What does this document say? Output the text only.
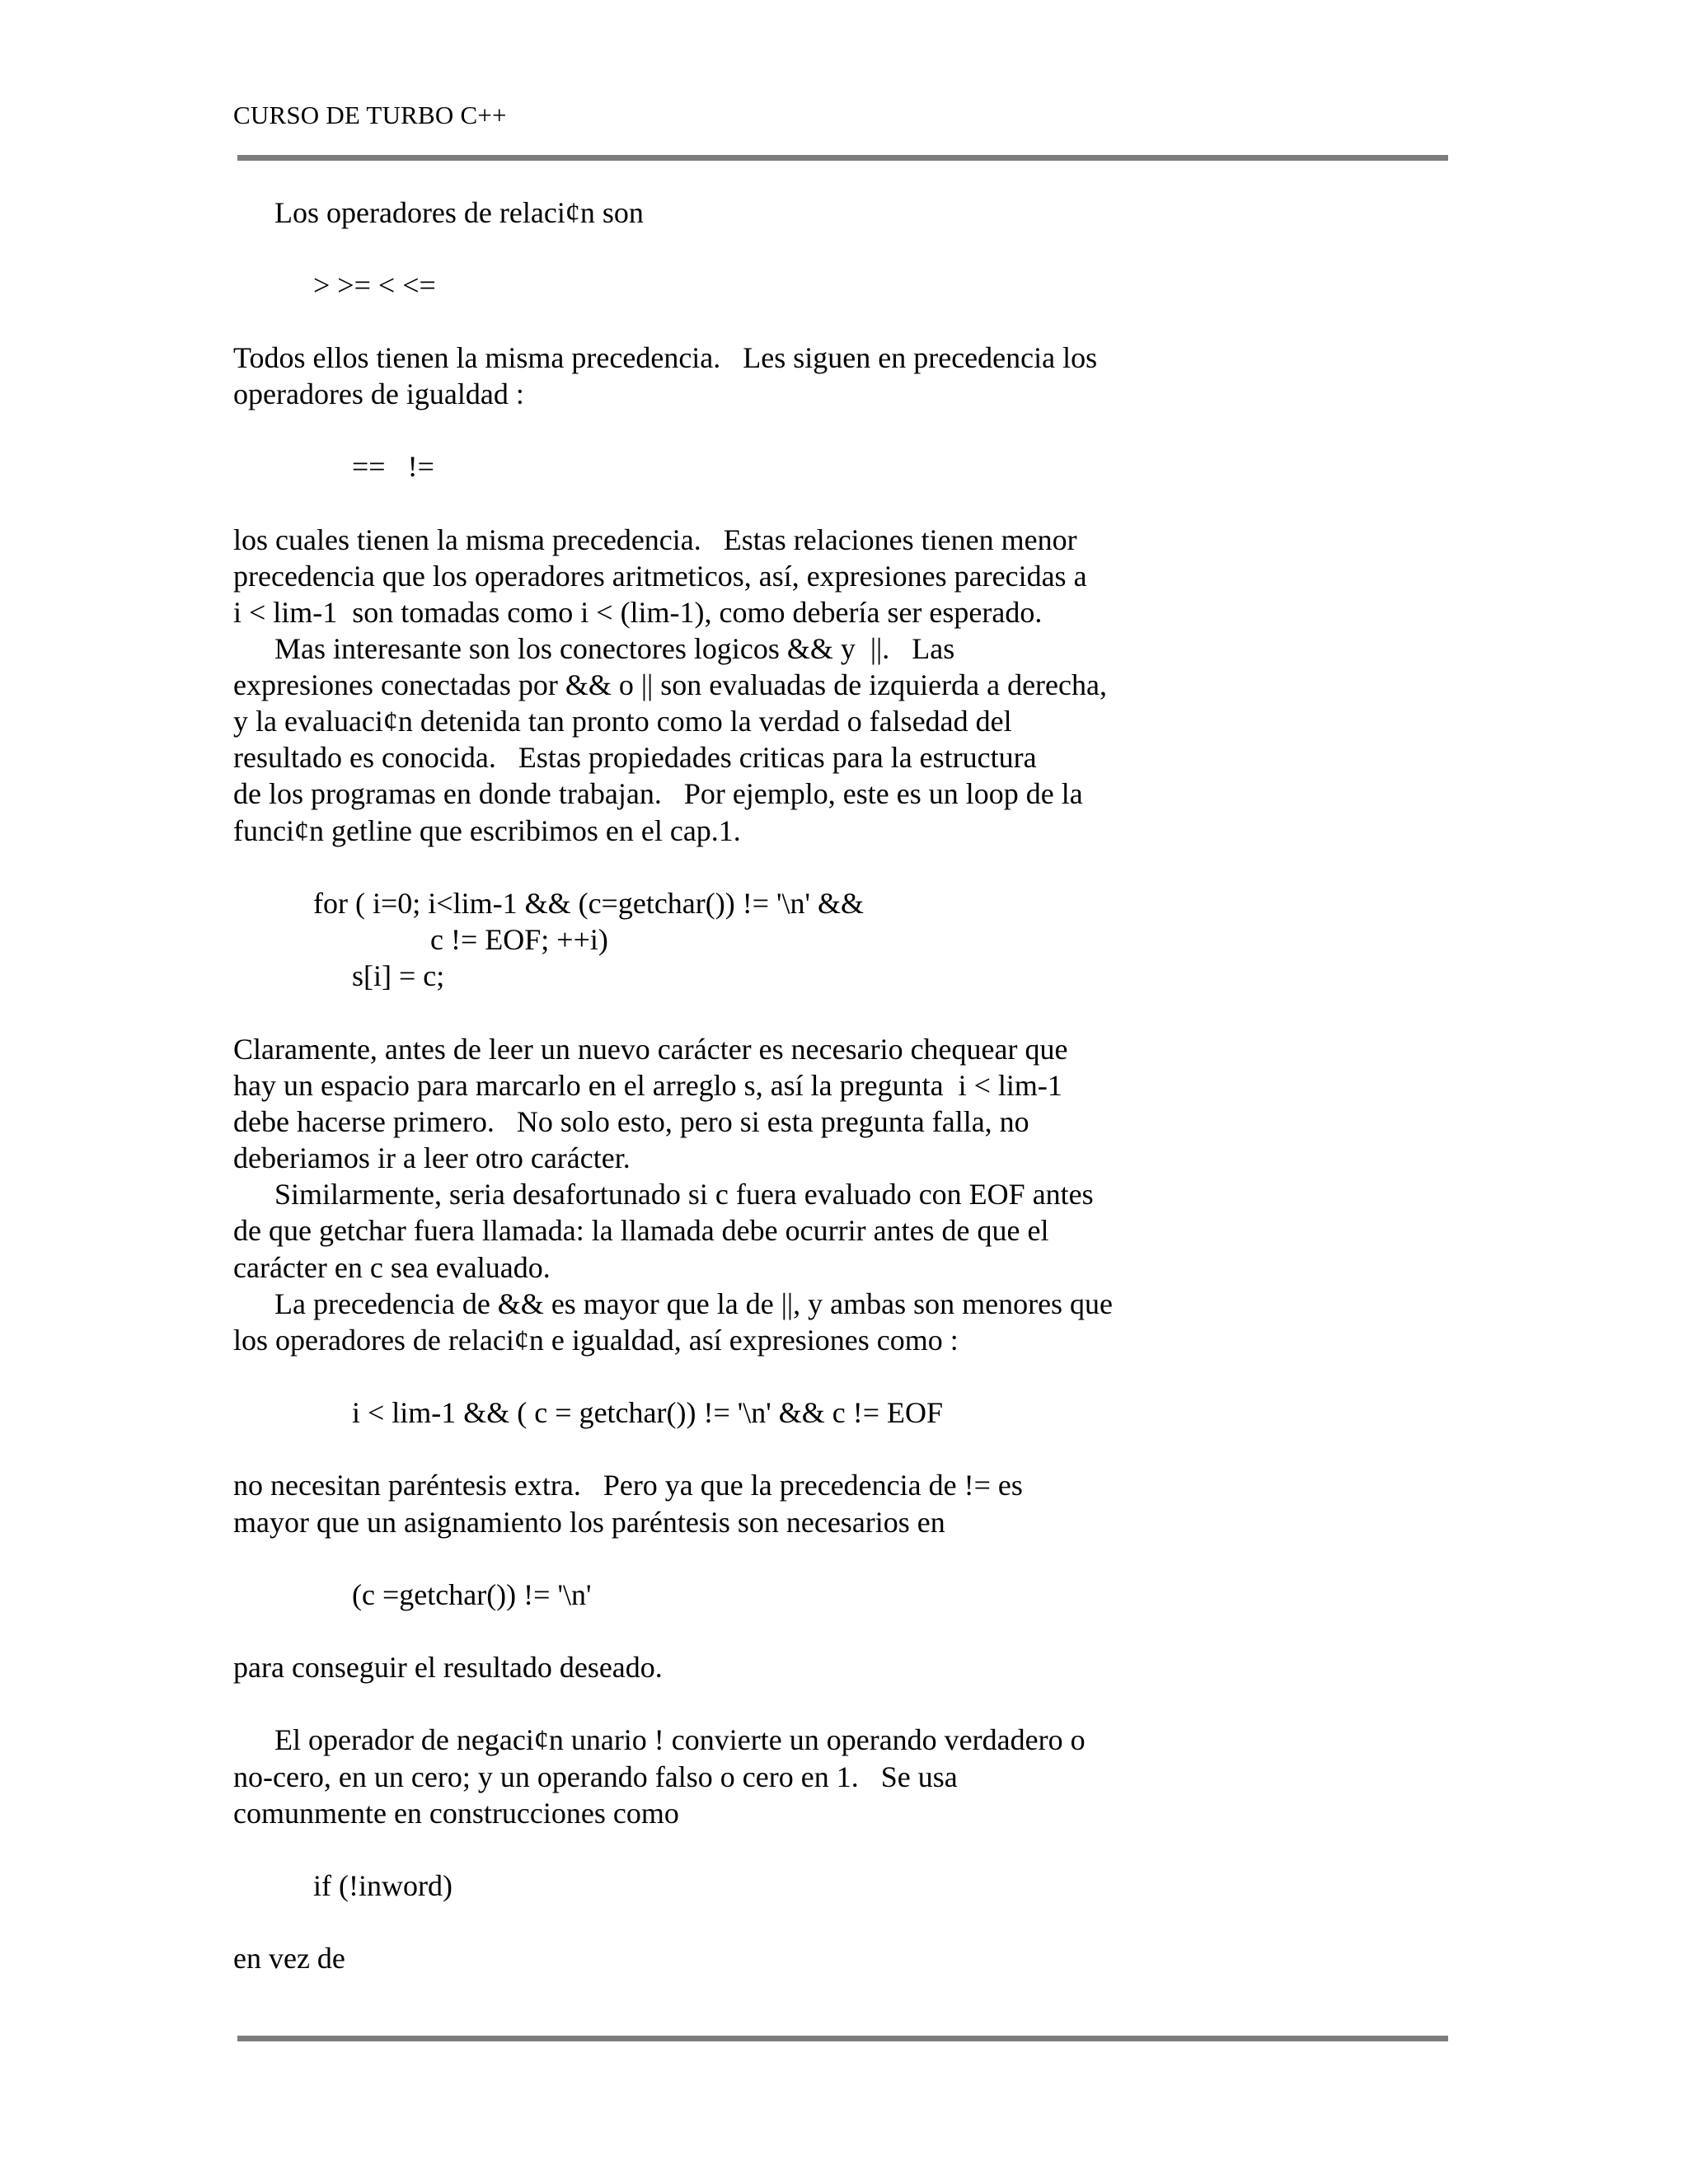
CURSO DE TURBO C++
Los operadores de relaci¢n son
> >= < <=
Todos ellos tienen la misma precedencia.   Les siguen en precedencia los
operadores de igualdad :
==   !=
los cuales tienen la misma precedencia.   Estas relaciones tienen menor
precedencia que los operadores aritmeticos, así, expresiones parecidas a
i < lim-1  son tomadas como i < (lim-1), como debería ser esperado.
Mas interesante son los conectores logicos && y  ||.   Las
expresiones conectadas por && o || son evaluadas de izquierda a derecha,
y la evaluaci¢n detenida tan pronto como la verdad o falsedad del
resultado es conocida.   Estas propiedades criticas para la estructura
de los programas en donde trabajan.   Por ejemplo, este es un loop de la
funci¢n getline que escribimos en el cap.1.
for ( i=0; i<lim-1 && (c=getchar()) != '\n' &&
c != EOF; ++i)
s[i] = c;
Claramente, antes de leer un nuevo carácter es necesario chequear que
hay un espacio para marcarlo en el arreglo s, así la pregunta  i < lim-1
debe hacerse primero.   No solo esto, pero si esta pregunta falla, no
deberiamos ir a leer otro carácter.
Similarmente, seria desafortunado si c fuera evaluado con EOF antes
de que getchar fuera llamada: la llamada debe ocurrir antes de que el
carácter en c sea evaluado.
La precedencia de && es mayor que la de ||, y ambas son menores que
los operadores de relaci¢n e igualdad, así expresiones como :
i < lim-1 && ( c = getchar()) != '\n' && c != EOF
no necesitan paréntesis extra.   Pero ya que la precedencia de != es
mayor que un asignamiento los paréntesis son necesarios en
(c =getchar()) != '\n'
para conseguir el resultado deseado.
El operador de negaci¢n unario ! convierte un operando verdadero o
no-cero, en un cero; y un operando falso o cero en 1.   Se usa
comunmente en construcciones como
if (!inword)
en vez de
